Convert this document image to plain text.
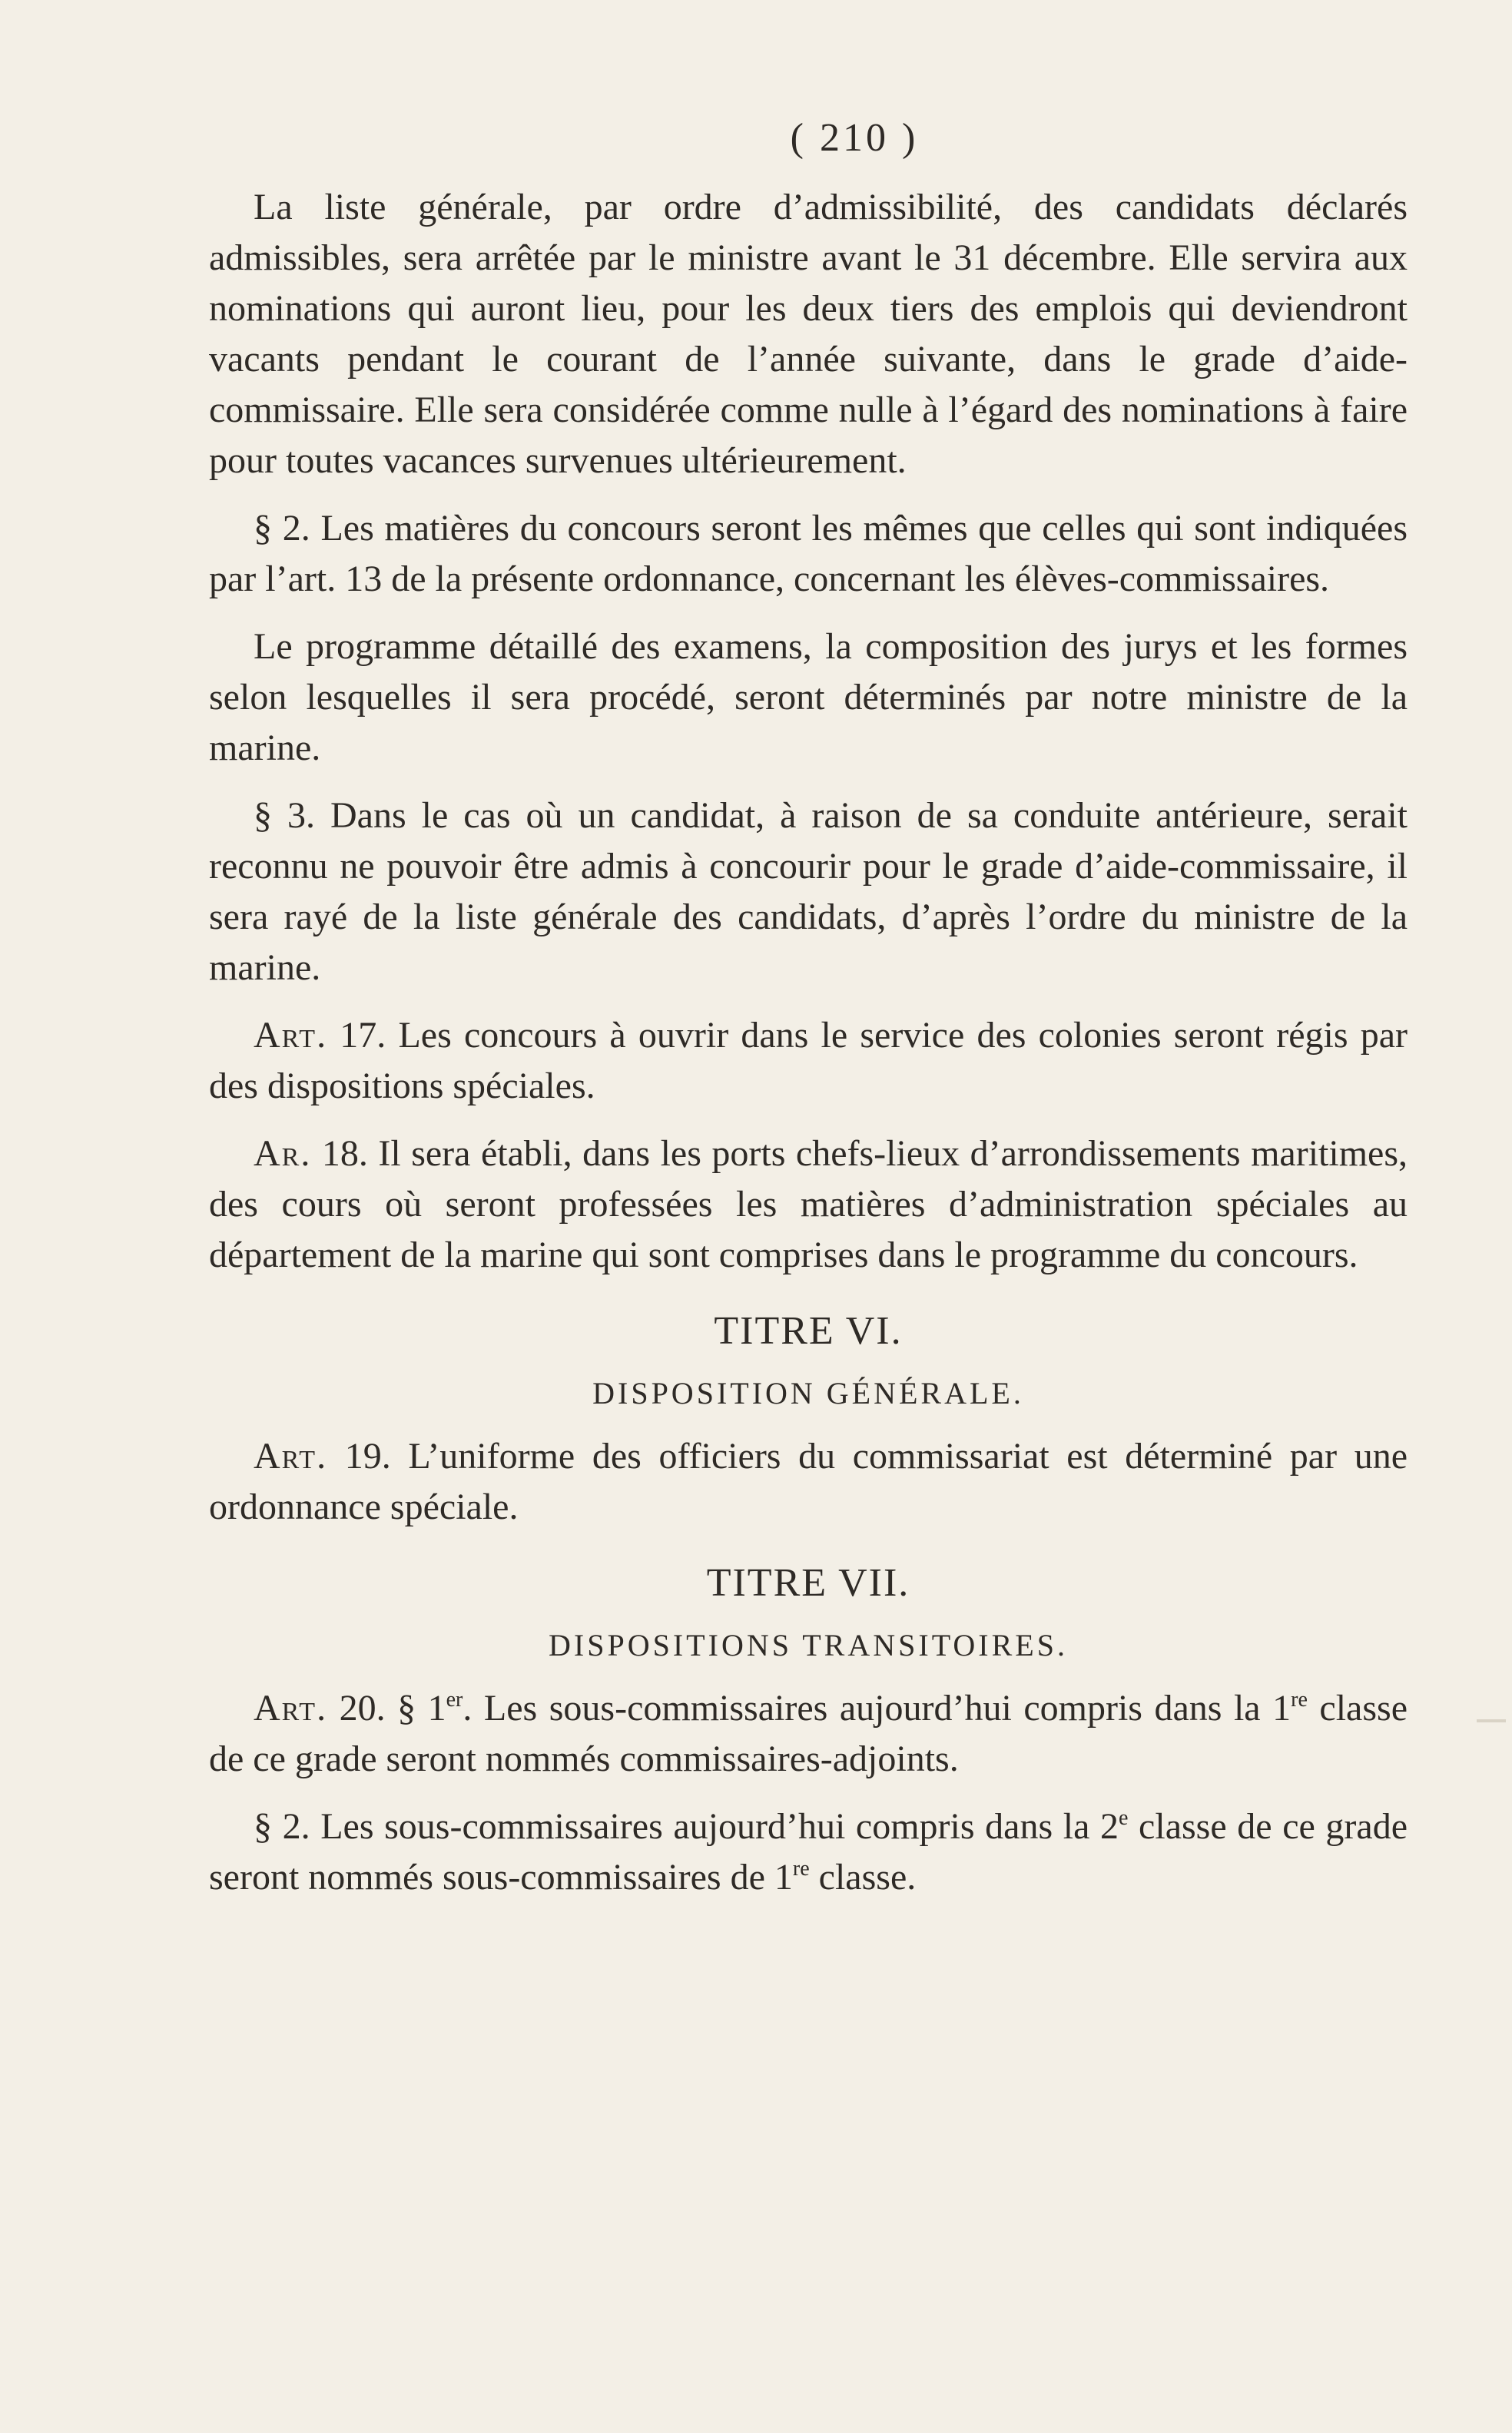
( 210 )

La liste générale, par ordre d’admissibilité, des candidats déclarés admissibles, sera arrêtée par le ministre avant le 31 décembre. Elle servira aux nominations qui auront lieu, pour les deux tiers des emplois qui deviendront vacants pendant le courant de l’année suivante, dans le grade d’aide-commissaire. Elle sera considérée comme nulle à l’égard des nominations à faire pour toutes vacances survenues ultérieurement.

§ 2. Les matières du concours seront les mêmes que celles qui sont indiquées par l’art. 13 de la présente ordonnance, concernant les élèves-commissaires.

Le programme détaillé des examens, la composition des jurys et les formes selon lesquelles il sera procédé, seront déterminés par notre ministre de la marine.

§ 3. Dans le cas où un candidat, à raison de sa conduite antérieure, serait reconnu ne pouvoir être admis à concourir pour le grade d’aide-commissaire, il sera rayé de la liste générale des candidats, d’après l’ordre du ministre de la marine.

Art. 17. Les concours à ouvrir dans le service des colonies seront régis par des dispositions spéciales.

Ar. 18. Il sera établi, dans les ports chefs-lieux d’arrondissements maritimes, des cours où seront professées les matières d’administration spéciales au département de la marine qui sont comprises dans le programme du concours.

TITRE VI.
DISPOSITION GÉNÉRALE.

Art. 19. L’uniforme des officiers du commissariat est déterminé par une ordonnance spéciale.

TITRE VII.
DISPOSITIONS TRANSITOIRES.

Art. 20. § 1er. Les sous-commissaires aujourd’hui compris dans la 1re classe de ce grade seront nommés commissaires-adjoints.

§ 2. Les sous-commissaires aujourd’hui compris dans la 2e classe de ce grade seront nommés sous-commissaires de 1re classe.
